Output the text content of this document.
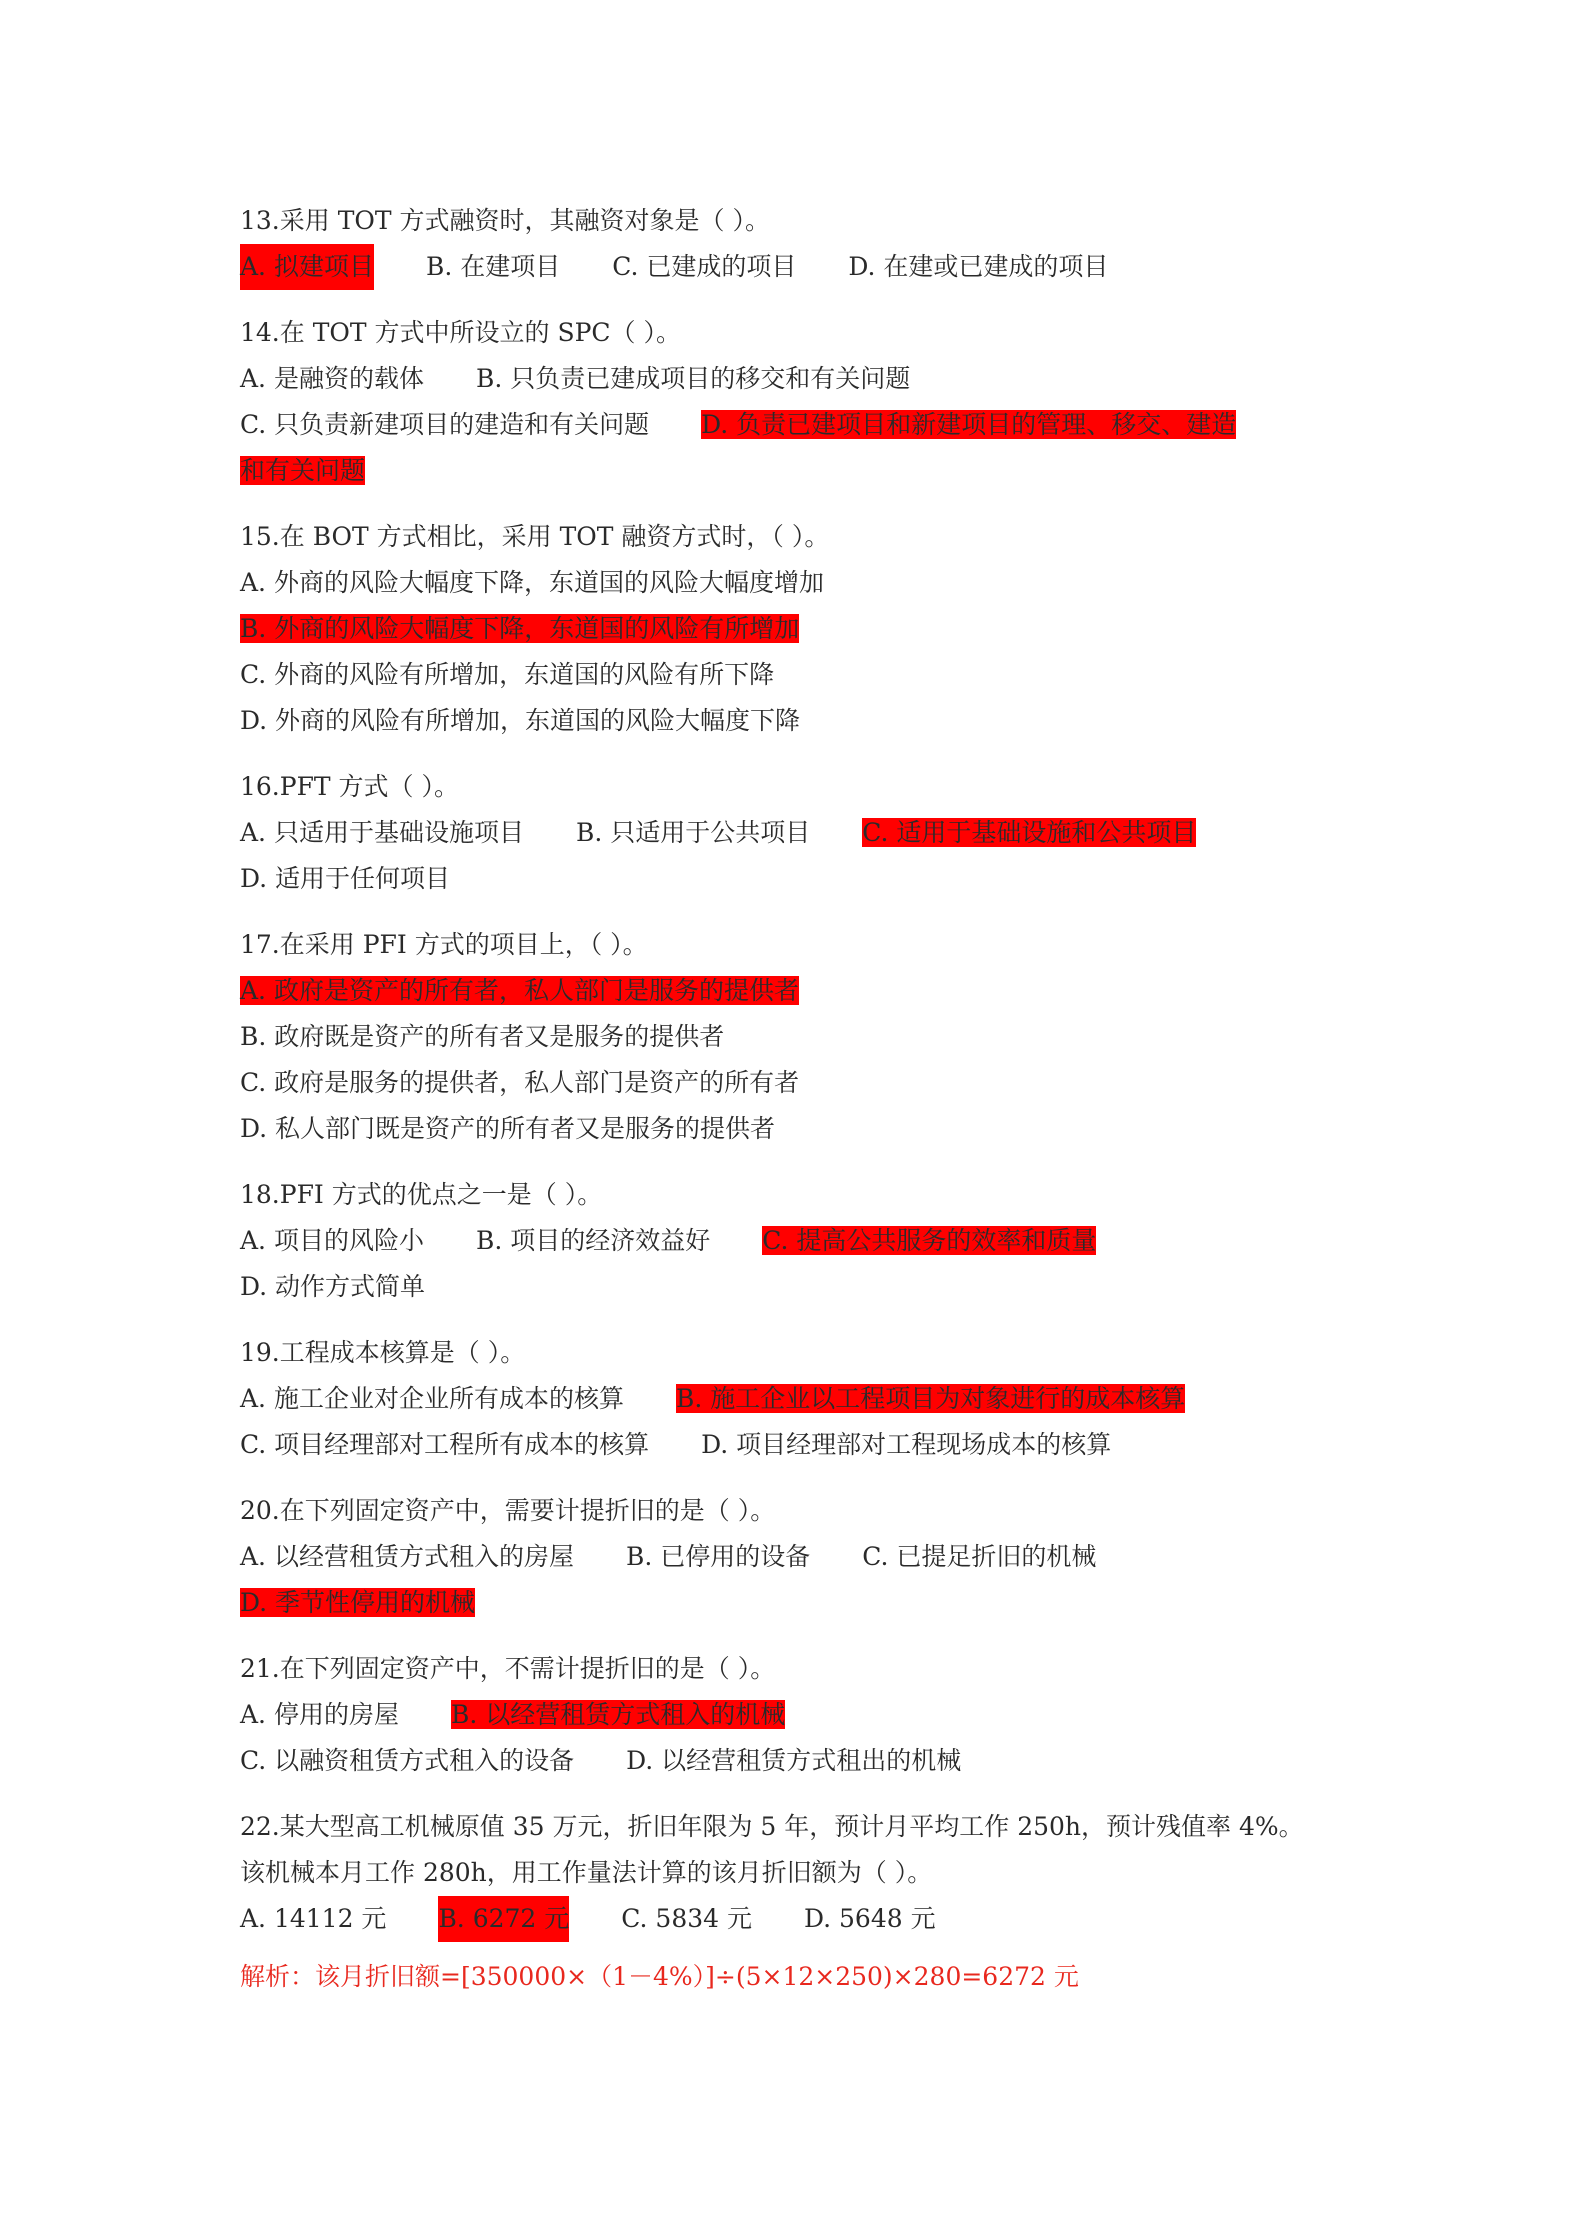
13.采用 TOT 方式融资时，其融资对象是（ ）。
A. 拟建项目 B. 在建项目 C. 已建成的项目 D. 在建或已建成的项目
14.在 TOT 方式中所设立的 SPC（ ）。
A. 是融资的载体 B. 只负责已建成项目的移交和有关问题
C. 只负责新建项目的建造和有关问题 D. 负责已建项目和新建项目的管理、移交、建造
和有关问题
15.在 BOT 方式相比，采用 TOT 融资方式时，（ ）。
A. 外商的风险大幅度下降，东道国的风险大幅度增加
B. 外商的风险大幅度下降，东道国的风险有所增加
C. 外商的风险有所增加，东道国的风险有所下降
D. 外商的风险有所增加，东道国的风险大幅度下降
16.PFT 方式（ ）。
A. 只适用于基础设施项目 B. 只适用于公共项目 C. 适用于基础设施和公共项目
D. 适用于任何项目
17.在采用 PFI 方式的项目上，（ ）。
A. 政府是资产的所有者，私人部门是服务的提供者
B. 政府既是资产的所有者又是服务的提供者
C. 政府是服务的提供者，私人部门是资产的所有者
D. 私人部门既是资产的所有者又是服务的提供者
18.PFI 方式的优点之一是（ ）。
A. 项目的风险小 B. 项目的经济效益好 C. 提高公共服务的效率和质量
D. 动作方式简单
19.工程成本核算是（ ）。
A. 施工企业对企业所有成本的核算 B. 施工企业以工程项目为对象进行的成本核算
C. 项目经理部对工程所有成本的核算 D. 项目经理部对工程现场成本的核算
20.在下列固定资产中，需要计提折旧的是（ ）。
A. 以经营租赁方式租入的房屋 B. 已停用的设备 C. 已提足折旧的机械
D. 季节性停用的机械
21.在下列固定资产中，不需计提折旧的是（ ）。
A. 停用的房屋 B. 以经营租赁方式租入的机械
C. 以融资租赁方式租入的设备 D. 以经营租赁方式租出的机械
22.某大型高工机械原值 35 万元，折旧年限为 5 年，预计月平均工作 250h，预计残值率 4%。
该机械本月工作 280h，用工作量法计算的该月折旧额为（ ）。
A. 14112 元 B. 6272 元 C. 5834 元 D. 5648 元
解析：该月折旧额=[350000×（1－4%）]÷(5×12×250)×280=6272 元
